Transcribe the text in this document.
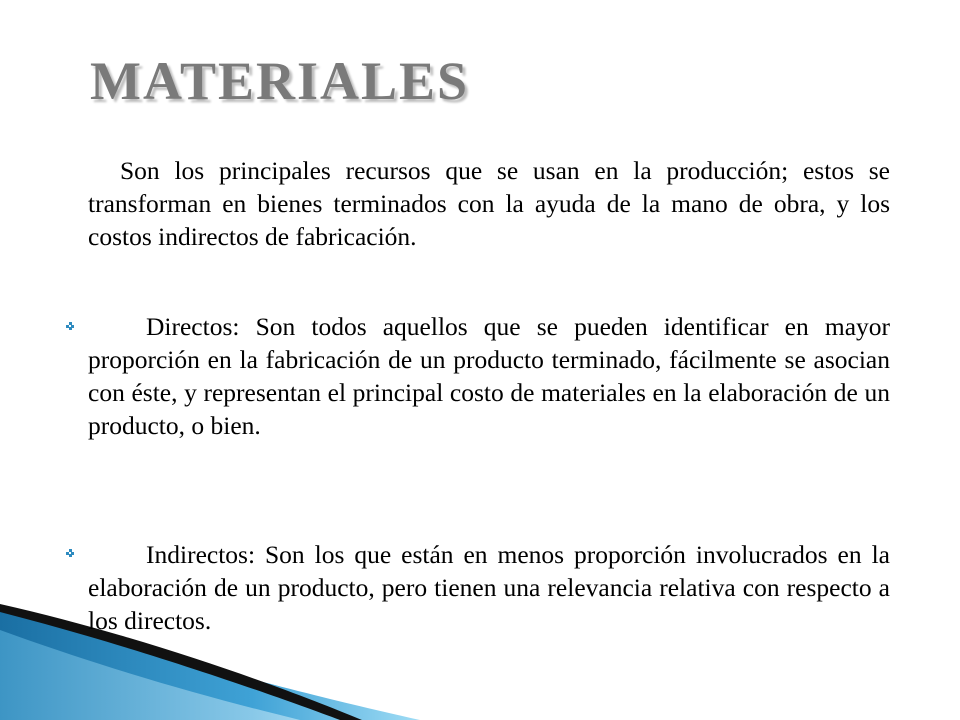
MATERIALES

Son los principales recursos que se usan en la producción; estos se transforman en bienes terminados con la ayuda de la mano de obra, y los costos indirectos de fabricación.

Directos: Son todos aquellos que se pueden identificar en mayor proporción en la fabricación de un producto terminado, fácilmente se asocian con éste, y representan el principal costo de materiales en la elaboración de un producto, o bien.

Indirectos: Son los que están en menos proporción involucrados en la elaboración de un producto, pero tienen una relevancia relativa con respecto a los directos.
